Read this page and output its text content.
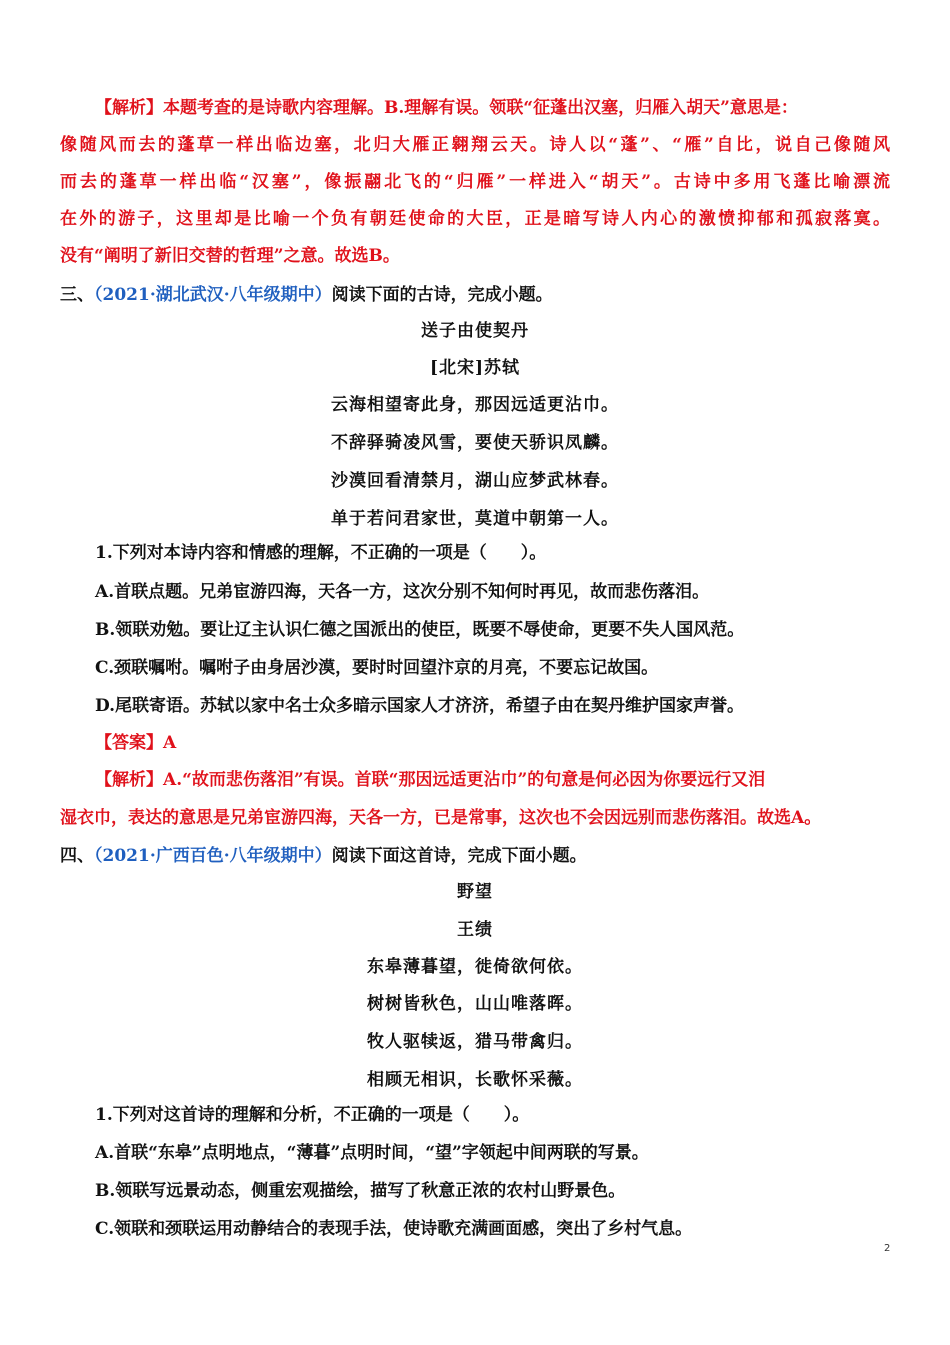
【解析】本题考查的是诗歌内容理解。B.理解有误。领联“征蓬出汉塞，归雁入胡天”意思是：
像随风而去的蓬草一样出临边塞，北归大雁正翱翔云天。诗人以“蓬”、“雁”自比，说自己像随风
而去的蓬草一样出临“汉塞”，像振翮北飞的“归雁”一样进入“胡天”。古诗中多用飞蓬比喻漂流
在外的游子，这里却是比喻一个负有朝廷使命的大臣，正是暗写诗人内心的激愤抑郁和孤寂落寞。
没有“阐明了新旧交替的哲理”之意。故选B。
三、（2021·湖北武汉·八年级期中）阅读下面的古诗，完成小题。
送子由使契丹
[北宋]苏轼
云海相望寄此身，那因远适更沾巾。
不辞驿骑凌风雪，要使天骄识凤麟。
沙漠回看清禁月，湖山应梦武林春。
单于若问君家世，莫道中朝第一人。
1.下列对本诗内容和情感的理解，不正确的一项是（　　）。
A.首联点题。兄弟宦游四海，天各一方，这次分别不知何时再见，故而悲伤落泪。
B.领联劝勉。要让辽主认识仁德之国派出的使臣，既要不辱使命，更要不失人国风范。
C.颈联嘱咐。嘱咐子由身居沙漠，要时时回望汴京的月亮，不要忘记故国。
D.尾联寄语。苏轼以家中名士众多暗示国家人才济济，希望子由在契丹维护国家声誉。
【答案】A
【解析】A.“故而悲伤落泪”有误。首联“那因远适更沾巾”的句意是何必因为你要远行又泪
湿衣巾，表达的意思是兄弟宦游四海，天各一方，已是常事，这次也不会因远别而悲伤落泪。故选A。
四、（2021·广西百色·八年级期中）阅读下面这首诗，完成下面小题。
野望
王绩
东皋薄暮望，徙倚欲何依。
树树皆秋色，山山唯落晖。
牧人驱犊返，猎马带禽归。
相顾无相识，长歌怀采薇。
1.下列对这首诗的理解和分析，不正确的一项是（　　）。
A.首联“东皋”点明地点，“薄暮”点明时间，“望”字领起中间两联的写景。
B.领联写远景动态，侧重宏观描绘，描写了秋意正浓的农村山野景色。
C.领联和颈联运用动静结合的表现手法，使诗歌充满画面感，突出了乡村气息。
2
